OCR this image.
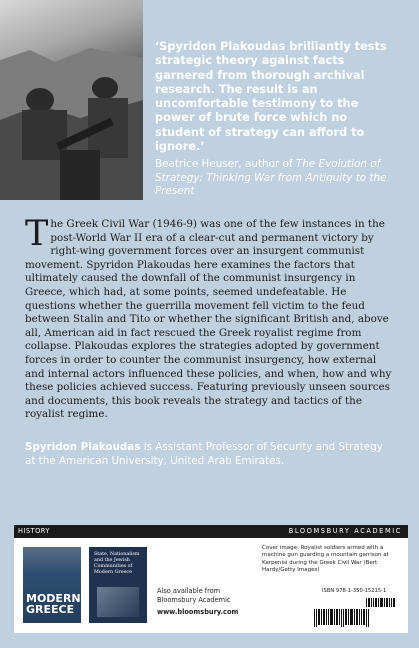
‘Spyridon Plakoudas brilliantly tests strategic theory against facts garnered from thorough archival research. The result is an uncomfortable testimony to the power of brute force which no student of strategy can afford to ignore.’
Beatrice Heuser, author of The Evolution of Strategy: Thinking War from Antiquity to the Present
The Greek Civil War (1946-9) was one of the few instances in the post-World War II era of a clear-cut and permanent victory by right-wing government forces over an insurgent communist movement. Spyridon Plakoudas here examines the factors that ultimately caused the downfall of the communist insurgency in Greece, which had, at some points, seemed undefeatable. He questions whether the guerrilla movement fell victim to the feud between Stalin and Tito or whether the significant British and, above all, American aid in fact rescued the Greek royalist regime from collapse. Plakoudas explores the strategies adopted by government forces in order to counter the communist insurgency, how external and internal actors influenced these policies, and when, how and why these policies achieved success. Featuring previously unseen sources and documents, this book reveals the strategy and tactics of the royalist regime.
Spyridon Plakoudas is Assistant Professor of Security and Strategy at the American University, United Arab Emirates.
HISTORY	BLOOMSBURY ACADEMIC
MODERN GREECE
State, Nationalism and the Jewish Communities of Modern Greece
Also available from Bloomsbury Academic
www.bloomsbury.com
Cover image: Royalist soldiers armed with a machine gun guarding a mountain garrison at Karpenisi during the Greek Civil War (Bert Hardy/Getty Images)
ISBN 978-1-350-15215-1
